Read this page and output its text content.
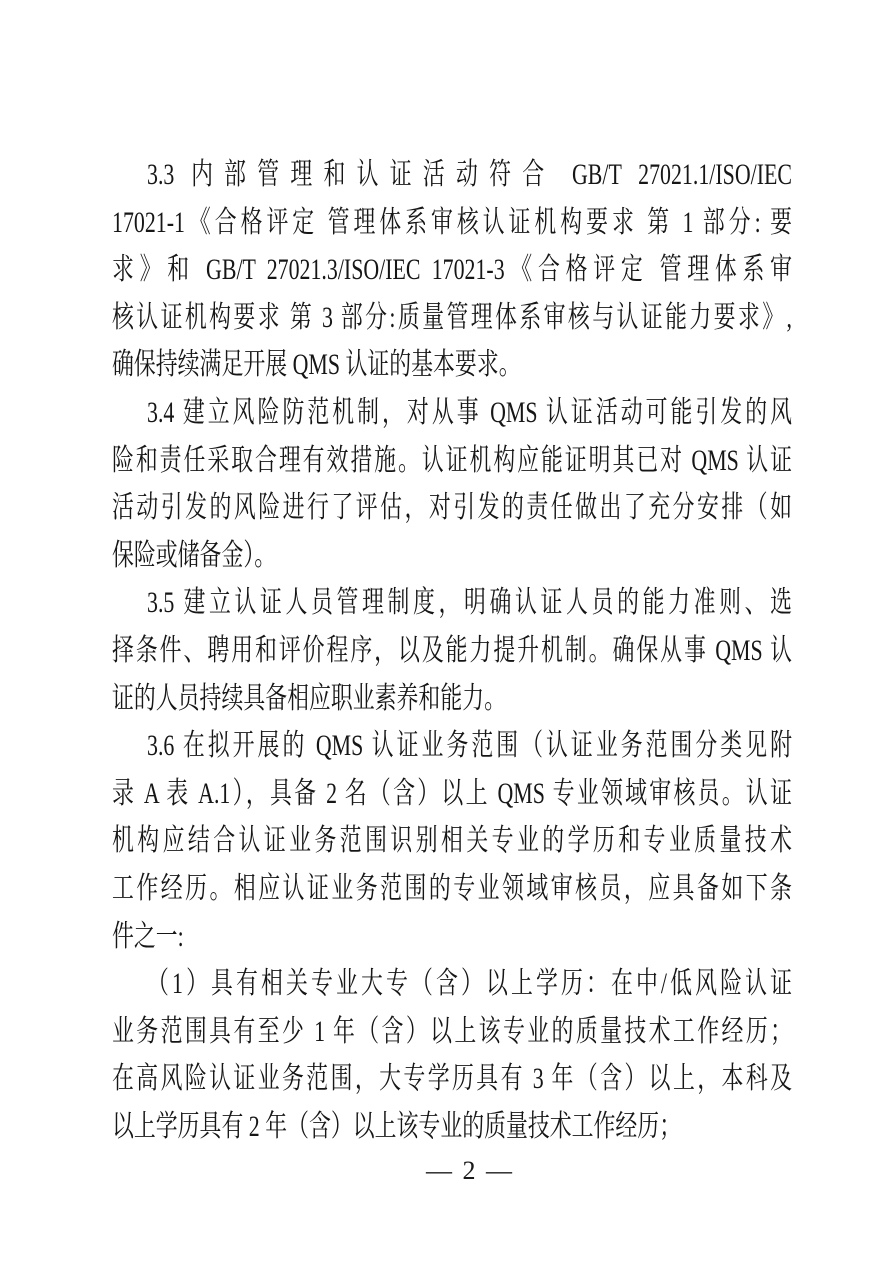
3.3 内部管理和认证活动符合 GB/T 27021.1/ISO/IEC
17021-1《合格评定 管理体系审核认证机构要求 第 1 部分: 要
求》和 GB/T 27021.3/ISO/IEC 17021-3《合格评定 管理体系审
核认证机构要求 第 3 部分:质量管理体系审核与认证能力要求》,
确保持续满足开展 QMS 认证的基本要求。
3.4 建立风险防范机制，对从事 QMS 认证活动可能引发的风
险和责任采取合理有效措施。认证机构应能证明其已对 QMS 认证
活动引发的风险进行了评估，对引发的责任做出了充分安排（如
保险或储备金）。
3.5 建立认证人员管理制度，明确认证人员的能力准则、选
择条件、聘用和评价程序，以及能力提升机制。确保从事 QMS 认
证的人员持续具备相应职业素养和能力。
3.6 在拟开展的 QMS 认证业务范围（认证业务范围分类见附
录 A 表 A.1），具备 2 名（含）以上 QMS 专业领域审核员。认证
机构应结合认证业务范围识别相关专业的学历和专业质量技术
工作经历。相应认证业务范围的专业领域审核员，应具备如下条
件之一:
（1）具有相关专业大专（含）以上学历：在中/低风险认证
业务范围具有至少 1 年（含）以上该专业的质量技术工作经历；
在高风险认证业务范围，大专学历具有 3 年（含）以上，本科及
以上学历具有 2 年（含）以上该专业的质量技术工作经历；
— 2 —
